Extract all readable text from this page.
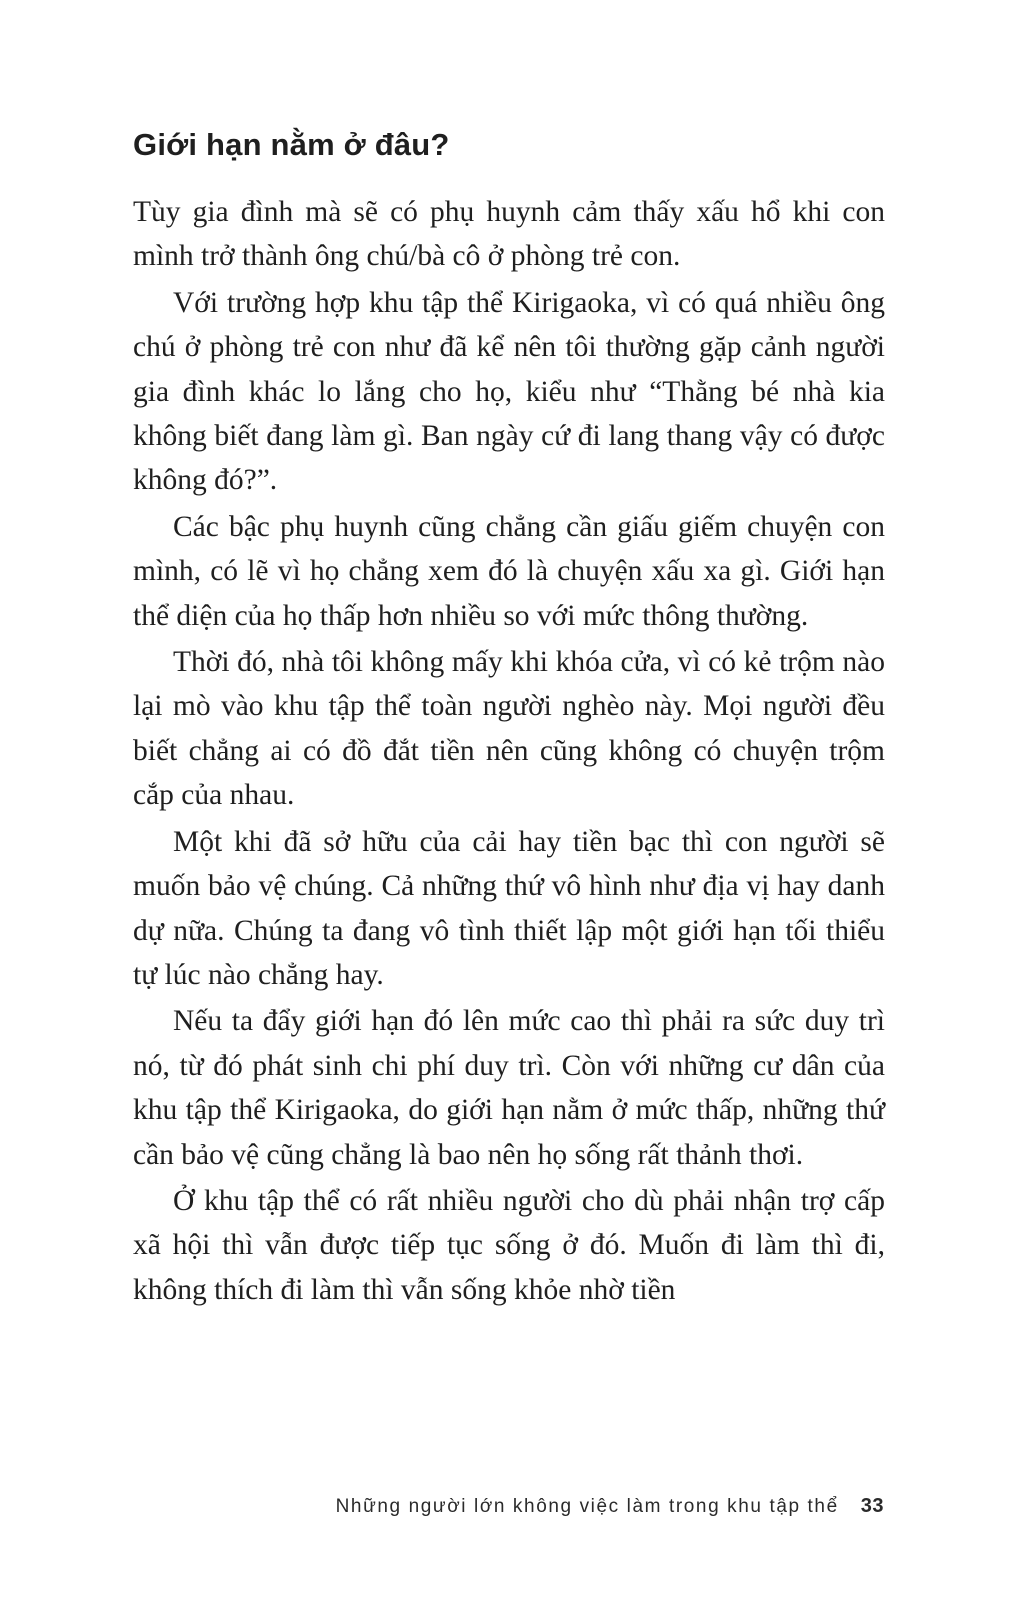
Giới hạn nằm ở đâu?

Tùy gia đình mà sẽ có phụ huynh cảm thấy xấu hổ khi con mình trở thành ông chú/bà cô ở phòng trẻ con.

Với trường hợp khu tập thể Kirigaoka, vì có quá nhiều ông chú ở phòng trẻ con như đã kể nên tôi thường gặp cảnh người gia đình khác lo lắng cho họ, kiểu như “Thằng bé nhà kia không biết đang làm gì. Ban ngày cứ đi lang thang vậy có được không đó?”.

Các bậc phụ huynh cũng chẳng cần giấu giếm chuyện con mình, có lẽ vì họ chẳng xem đó là chuyện xấu xa gì. Giới hạn thể diện của họ thấp hơn nhiều so với mức thông thường.

Thời đó, nhà tôi không mấy khi khóa cửa, vì có kẻ trộm nào lại mò vào khu tập thể toàn người nghèo này. Mọi người đều biết chẳng ai có đồ đắt tiền nên cũng không có chuyện trộm cắp của nhau.

Một khi đã sở hữu của cải hay tiền bạc thì con người sẽ muốn bảo vệ chúng. Cả những thứ vô hình như địa vị hay danh dự nữa. Chúng ta đang vô tình thiết lập một giới hạn tối thiểu tự lúc nào chẳng hay.

Nếu ta đẩy giới hạn đó lên mức cao thì phải ra sức duy trì nó, từ đó phát sinh chi phí duy trì. Còn với những cư dân của khu tập thể Kirigaoka, do giới hạn nằm ở mức thấp, những thứ cần bảo vệ cũng chẳng là bao nên họ sống rất thảnh thơi.

Ở khu tập thể có rất nhiều người cho dù phải nhận trợ cấp xã hội thì vẫn được tiếp tục sống ở đó. Muốn đi làm thì đi, không thích đi làm thì vẫn sống khỏe nhờ tiền

Những người lớn không việc làm trong khu tập thể 33
